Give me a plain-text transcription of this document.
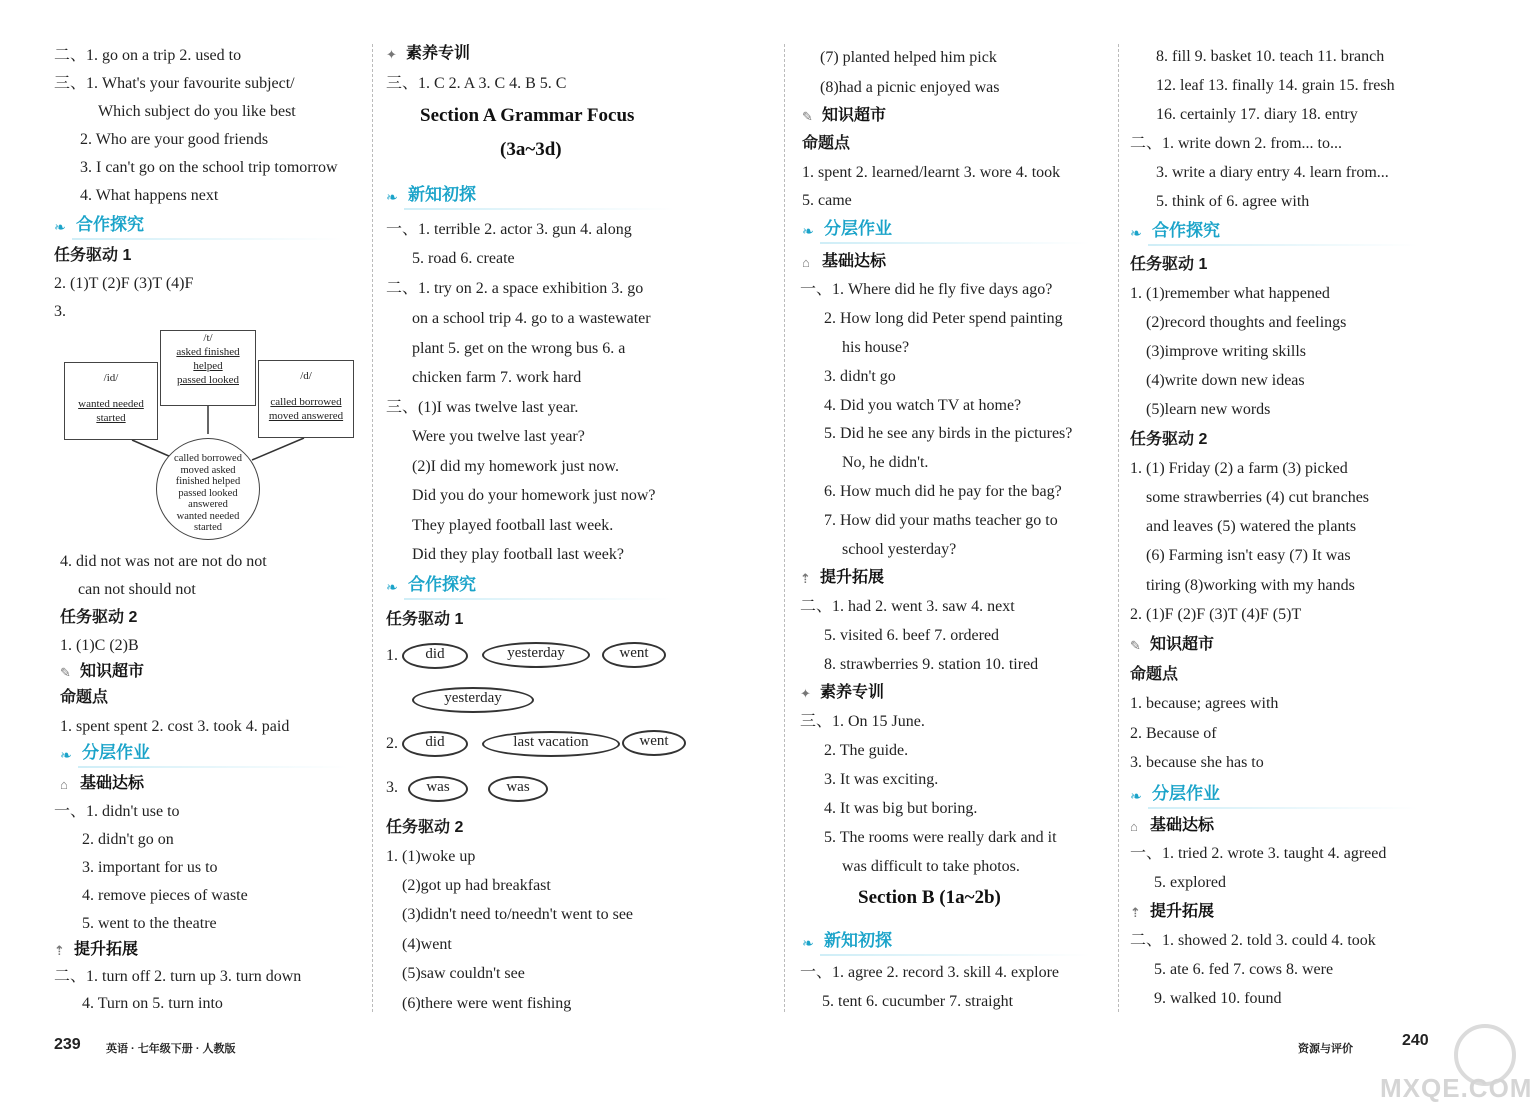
二、1. go on a trip 2. used to
三、1. What's your favourite subject/
Which subject do you like best
2. Who are your good friends
3. I can't go on the school trip tomorrow
4. What happens next
❧ 合作探究
任务驱动 1
2. (1)T (2)F (3)T (4)F
3.
/t/
asked finished
helped
passed looked
/id/
wanted needed
started
/d/
called borrowed
moved answered
called borrowed
moved asked
finished helped
passed looked
answered
wanted needed
started
4. did not was not are not do not
can not should not
任务驱动 2
1. (1)C (2)B
✎ 知识超市
命题点
1. spent spent 2. cost 3. took 4. paid
❧ 分层作业
⌂ 基础达标
一、1. didn't use to
2. didn't go on
3. important for us to
4. remove pieces of waste
5. went to the theatre
⇡ 提升拓展
二、1. turn off 2. turn up 3. turn down
4. Turn on 5. turn into
✦ 素养专训
三、1. C 2. A 3. C 4. B 5. C
Section A Grammar Focus
(3a~3d)
❧ 新知初探
一、1. terrible 2. actor 3. gun 4. along
5. road 6. create
二、1. try on 2. a space exhibition 3. go
on a school trip 4. go to a wastewater
plant 5. get on the wrong bus 6. a
chicken farm 7. work hard
三、(1)I was twelve last year.
Were you twelve last year?
(2)I did my homework just now.
Did you do your homework just now?
They played football last week.
Did they play football last week?
❧ 合作探究
任务驱动 1
1.	did	yesterday	went
yesterday
2.	did	last vacation	went
3.	was	was
任务驱动 2
1. (1)woke up
(2)got up had breakfast
(3)didn't need to/needn't went to see
(4)went
(5)saw couldn't see
(6)there were went fishing
(7) planted helped him pick
(8)had a picnic enjoyed was
✎ 知识超市
命题点
1. spent 2. learned/learnt 3. wore 4. took
5. came
❧ 分层作业
⌂ 基础达标
一、1. Where did he fly five days ago?
2. How long did Peter spend painting
his house?
3. didn't go
4. Did you watch TV at home?
5. Did he see any birds in the pictures?
No, he didn't.
6. How much did he pay for the bag?
7. How did your maths teacher go to
school yesterday?
⇡ 提升拓展
二、1. had 2. went 3. saw 4. next
5. visited 6. beef 7. ordered
8. strawberries 9. station 10. tired
✦ 素养专训
三、1. On 15 June.
2. The guide.
3. It was exciting.
4. It was big but boring.
5. The rooms were really dark and it
was difficult to take photos.
Section B (1a~2b)
❧ 新知初探
一、1. agree 2. record 3. skill 4. explore
5. tent 6. cucumber 7. straight
8. fill 9. basket 10. teach 11. branch
12. leaf 13. finally 14. grain 15. fresh
16. certainly 17. diary 18. entry
二、1. write down 2. from... to...
3. write a diary entry 4. learn from...
5. think of 6. agree with
❧ 合作探究
任务驱动 1
1. (1)remember what happened
(2)record thoughts and feelings
(3)improve writing skills
(4)write down new ideas
(5)learn new words
任务驱动 2
1. (1) Friday (2) a farm (3) picked
some strawberries (4) cut branches
and leaves (5) watered the plants
(6) Farming isn't easy (7) It was
tiring (8)working with my hands
2. (1)F (2)F (3)T (4)F (5)T
✎ 知识超市
命题点
1. because; agrees with
2. Because of
3. because she has to
❧ 分层作业
⌂ 基础达标
一、1. tried 2. wrote 3. taught 4. agreed
5. explored
⇡ 提升拓展
二、1. showed 2. told 3. could 4. took
5. ate 6. fed 7. cows 8. were
9. walked 10. found
239 英语 · 七年级下册 · 人教版	资源与评价	240
MXQE.COM
